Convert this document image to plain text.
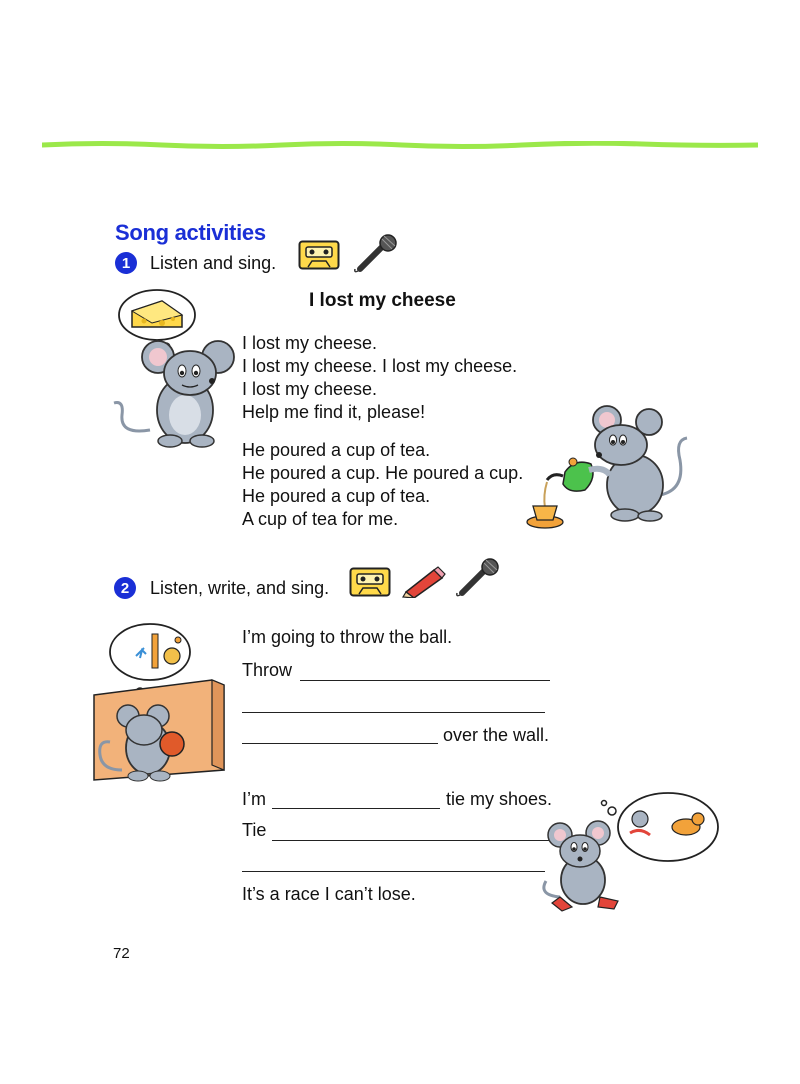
Song activities
1	Listen and sing.
I lost my cheese
I lost my cheese.
I lost my cheese. I lost my cheese.
I lost my cheese.
Help me find it, please!
He poured a cup of tea.
He poured a cup. He poured a cup.
He poured a cup of tea.
A cup of tea for me.
2	Listen, write, and sing.
I’m going to throw the ball.
Throw
over the wall.
I’m	tie my shoes.
Tie
It’s a race I can’t lose.
72
